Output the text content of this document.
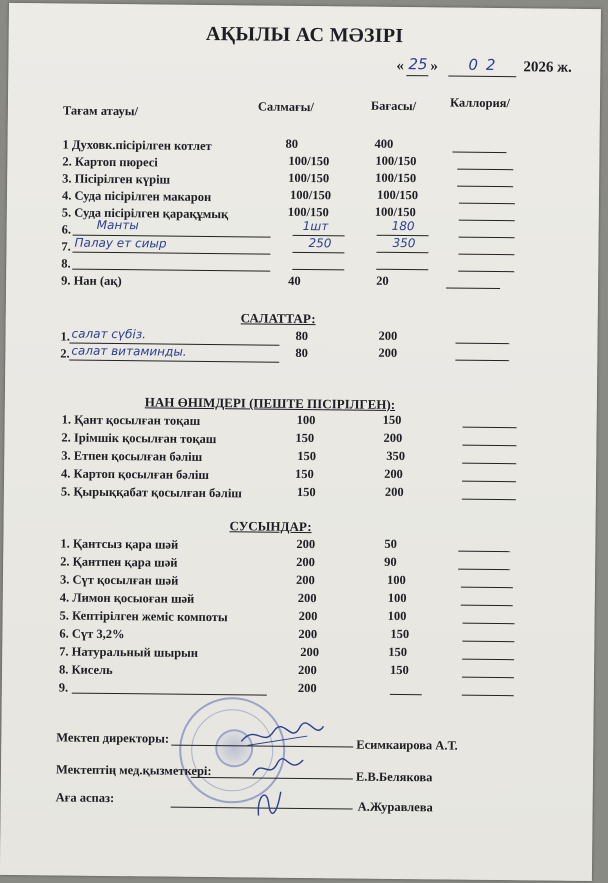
АҚЫЛЫ АС МӘЗІРІ
« 25 » 02 2026 ж.
Тағам атауы/	Салмағы/	Бағасы/	Каллория/
1 Духовк.пісірілген котлет	80	400
2. Картоп пюресі	100/150	100/150
3. Пісірілген күріш	100/150	100/150
4. Суда пісірілген макарон	100/150	100/150
5. Суда пісірілген қарақұмық	100/150	100/150
6. Манты	1шт	180
7. Палау ет сиыр	250	350
8.
9. Нан (ақ)	40	20
САЛАТТАР:
1. салат сүбіз.	80	200
2. салат витаминды.	80	200
НАН ӨНІМДЕРІ (ПЕШТЕ ПІСІРІЛГЕН):
1. Қант қосылған тоқаш	100	150
2. Ірімшік қосылған тоқаш	150	200
3. Етпен қосылған бәліш	150	350
4. Картоп қосылған бәліш	150	200
5. Қырыққабат қосылған бәліш	150	200
СУСЫНДАР:
1. Қантсыз қара шәй	200	50
2. Қантпен қара шәй	200	90
3. Сүт қосылған шәй	200	100
4. Лимон қосыоған шәй	200	100
5. Кептірілген жеміс компоты	200	100
6. Сүт 3,2%	200	150
7. Натуральный шырын	200	150
8. Кисель	200	150
9.	200
Мектеп директоры:	Есимкаирова А.Т.
Мектептің мед.қызметкері:	Е.В.Белякова
Аға аспаз:
А.Журавлева
